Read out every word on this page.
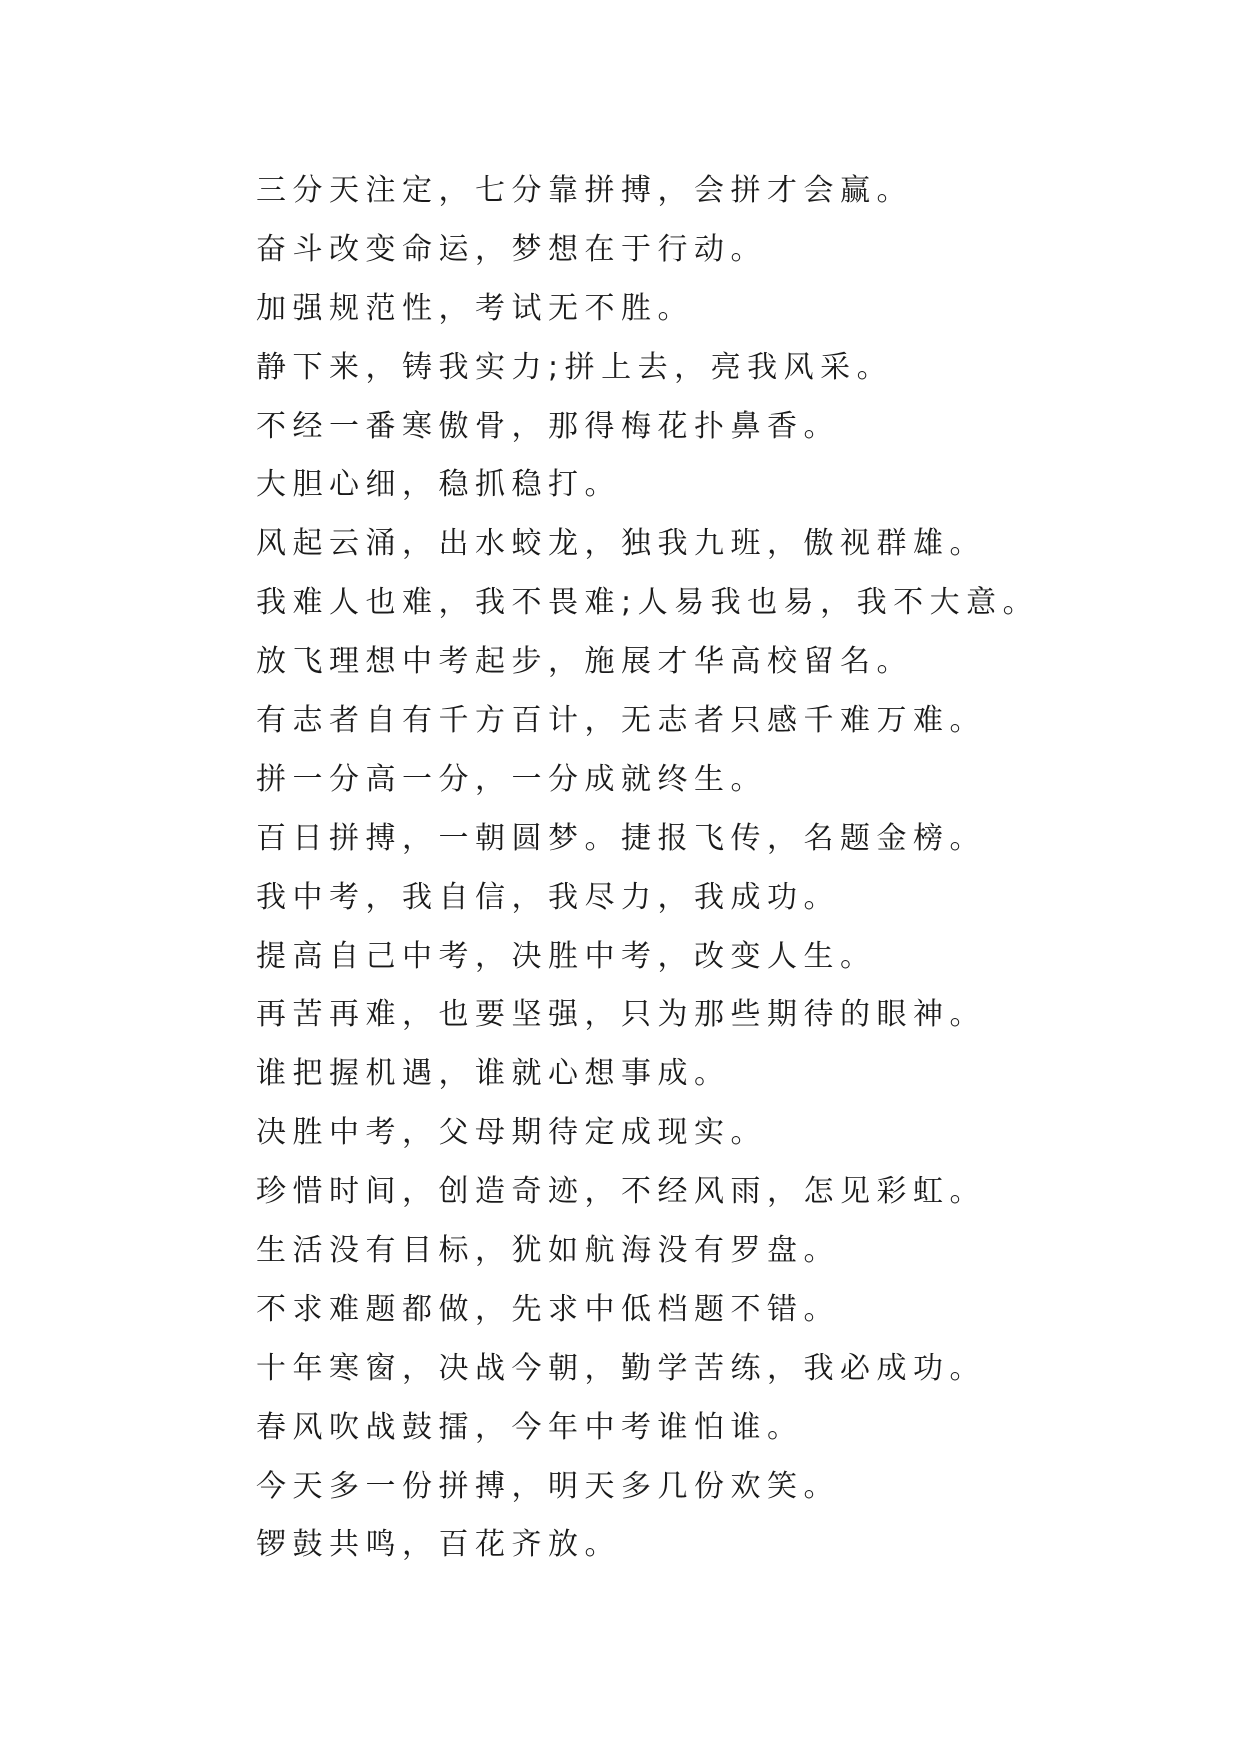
三分天注定，七分靠拼搏，会拼才会赢。

奋斗改变命运，梦想在于行动。

加强规范性，考试无不胜。

静下来，铸我实力;拼上去，亮我风采。

不经一番寒傲骨，那得梅花扑鼻香。

大胆心细，稳抓稳打。

风起云涌，出水蛟龙，独我九班，傲视群雄。

我难人也难，我不畏难;人易我也易，我不大意。

放飞理想中考起步，施展才华高校留名。

有志者自有千方百计，无志者只感千难万难。

拼一分高一分，一分成就终生。

百日拼搏，一朝圆梦。捷报飞传，名题金榜。

我中考，我自信，我尽力，我成功。

提高自己中考，决胜中考，改变人生。

再苦再难，也要坚强，只为那些期待的眼神。

谁把握机遇，谁就心想事成。

决胜中考，父母期待定成现实。

珍惜时间，创造奇迹，不经风雨，怎见彩虹。

生活没有目标，犹如航海没有罗盘。

不求难题都做，先求中低档题不错。

十年寒窗，决战今朝，勤学苦练，我必成功。

春风吹战鼓擂，今年中考谁怕谁。

今天多一份拼搏，明天多几份欢笑。

锣鼓共鸣，百花齐放。
